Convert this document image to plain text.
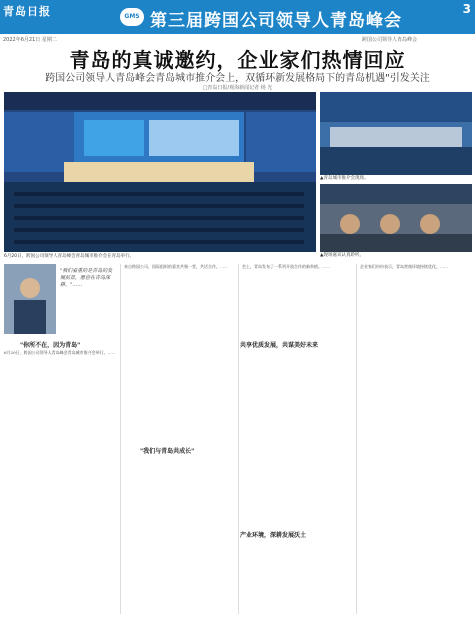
青岛日报	GMS 第三届跨国公司领导人青岛峰会
3
2022年6月21日 星期二	跨国公司领导人青岛峰会
青岛的真诚邀约，企业家们热情回应
跨国公司领导人青岛峰会青岛城市推介会上，双循环新发展格局下的青岛机遇"引发关注
□青岛日报/观海新闻记者 杨 光
6月20日，跨国公司领导人青岛峰会青岛城市推介会在青岛举行。
▲青岛城市推介会现场。
▲现场嘉宾认真聆听。
"我们看重的是青岛的发展前景，愿意在青岛深耕。"……
"你所不在，因为青岛"
"我们与青岛共成长"
共享优质发展，共谋美好未来
产业环境，深耕发展沃土
6月20日，跨国公司领导人青岛峰会青岛城市推介会举行。……
来自跨国公司、国际组织的嘉宾共聚一堂，共话合作。……	会上，青岛发布了一系列开放合作的新举措。……	企业家们纷纷表示，青岛营商环境持续优化。……
